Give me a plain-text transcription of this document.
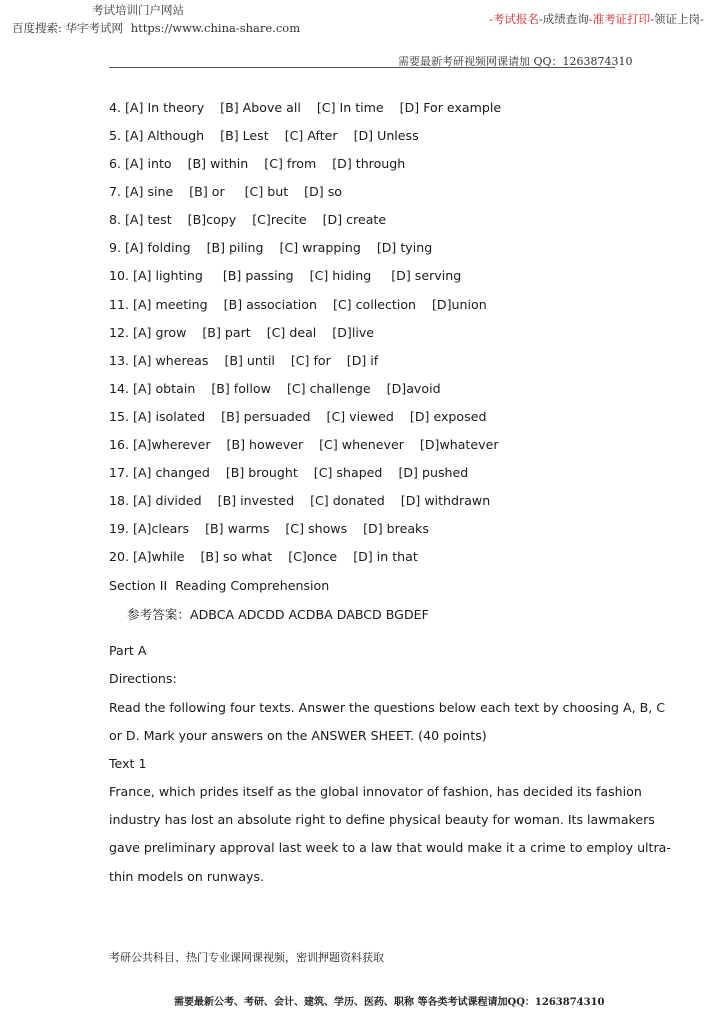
考试培训门户网站
百度搜索: 华宇考试网 https://www.china-share.com
-考试报名-成绩查询-准考证打印-领证上岗-
需要最新考研视频网课请加 QQ：1263874310
4. [A] In theory    [B] Above all    [C] In time    [D] For example
5. [A] Although    [B] Lest    [C] After    [D] Unless
6. [A] into    [B] within    [C] from    [D] through
7. [A] sine    [B] or     [C] but    [D] so
8. [A] test    [B]copy    [C]recite    [D] create
9. [A] folding    [B] piling    [C] wrapping    [D] tying
10. [A] lighting     [B] passing    [C] hiding     [D] serving
11. [A] meeting    [B] association    [C] collection    [D]union
12. [A] grow    [B] part    [C] deal    [D]live
13. [A] whereas    [B] until    [C] for    [D] if
14. [A] obtain    [B] follow    [C] challenge    [D]avoid
15. [A] isolated    [B] persuaded    [C] viewed    [D] exposed
16. [A]wherever    [B] however    [C] whenever    [D]whatever
17. [A] changed    [B] brought    [C] shaped    [D] pushed
18. [A] divided    [B] invested    [C] donated    [D] withdrawn
19. [A]clears    [B] warms    [C] shows    [D] breaks
20. [A]while    [B] so what    [C]once    [D] in that
Section II  Reading Comprehension
参考答案：ADBCA ADCDD ACDBA DABCD BGDEF
Part A
Directions:
Read the following four texts. Answer the questions below each text by choosing A, B, C
or D. Mark your answers on the ANSWER SHEET. (40 points)
Text 1
France, which prides itself as the global innovator of fashion, has decided its fashion
industry has lost an absolute right to define physical beauty for woman. Its lawmakers
gave preliminary approval last week to a law that would make it a crime to employ ultra-
thin models on runways.
考研公共科目、热门专业课网课视频，密训押题资料获取
需要最新公考、考研、会计、建筑、学历、医药、职称 等各类考试课程请加QQ：1263874310
